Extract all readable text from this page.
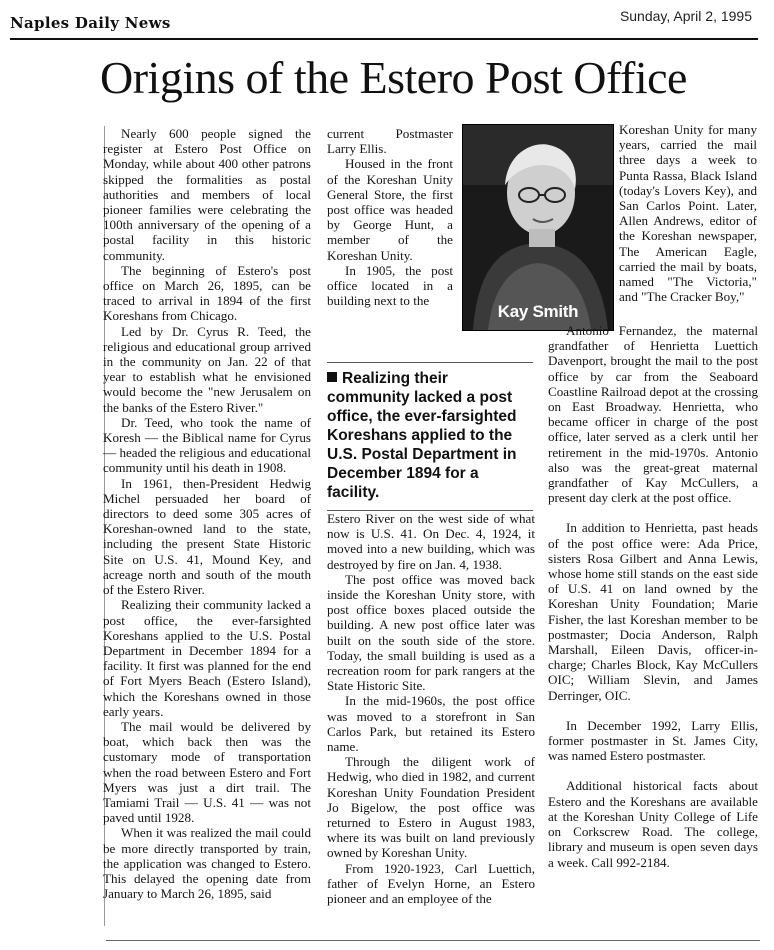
Naples Daily News	Sunday, April 2, 1995
Origins of the Estero Post Office

Nearly 600 people signed the register at Estero Post Office on Monday, while about 400 other patrons skipped the formalities as postal authorities and members of local pioneer families were celebrating the 100th anniversary of the opening of a postal facility in this historic community.

The beginning of Estero's post office on March 26, 1895, can be traced to arrival in 1894 of the first Koreshans from Chicago.

Led by Dr. Cyrus R. Teed, the religious and educational group arrived in the community on Jan. 22 of that year to establish what he envisioned would become the "new Jerusalem on the banks of the Estero River."

Dr. Teed, who took the name of Koresh — the Biblical name for Cyrus — headed the religious and educational community until his death in 1908.

In 1961, then-President Hedwig Michel persuaded her board of directors to deed some 305 acres of Koreshan-owned land to the state, including the present State Historic Site on U.S. 41, Mound Key, and acreage north and south of the mouth of the Estero River.

Realizing their community lacked a post office, the ever-farsighted Koreshans applied to the U.S. Postal Department in December 1894 for a facility. It first was planned for the end of Fort Myers Beach (Estero Island), which the Koreshans owned in those early years.

The mail would be delivered by boat, which back then was the customary mode of transportation when the road between Estero and Fort Myers was just a dirt trail. The Tamiami Trail — U.S. 41 — was not paved until 1928.

When it was realized the mail could be more directly transported by train, the application was changed to Estero. This delayed the opening date from January to March 26, 1895, said

current Postmaster Larry Ellis.

Housed in the front of the Koreshan Unity General Store, the first post office was headed by George Hunt, a member of the Koreshan Unity.

In 1905, the post office located in a building next to the

Kay Smith

Koreshan Unity for many years, carried the mail three days a week to Punta Rassa, Black Island (today's Lovers Key), and San Carlos Point. Later, Allen Andrews, editor of the Koreshan newspaper, The American Eagle, carried the mail by boats, named "The Victoria," and "The Cracker Boy,"

Realizing their community lacked a post office, the ever-farsighted Koreshans applied to the U.S. Postal Department in December 1894 for a facility.

Estero River on the west side of what now is U.S. 41. On Dec. 4, 1924, it moved into a new building, which was destroyed by fire on Jan. 4, 1938.

The post office was moved back inside the Koreshan Unity store, with post office boxes placed outside the building. A new post office later was built on the south side of the store. Today, the small building is used as a recreation room for park rangers at the State Historic Site.

In the mid-1960s, the post office was moved to a storefront in San Carlos Park, but retained its Estero name.

Through the diligent work of Hedwig, who died in 1982, and current Koreshan Unity Foundation President Jo Bigelow, the post office was returned to Estero in August 1983, where its was built on land previously owned by Koreshan Unity.

From 1920-1923, Carl Luettich, father of Evelyn Horne, an Estero pioneer and an employee of the

Antonio Fernandez, the maternal grandfather of Henrietta Luettich Davenport, brought the mail to the post office by car from the Seaboard Coastline Railroad depot at the crossing on East Broadway. Henrietta, who became officer in charge of the post office, later served as a clerk until her retirement in the mid-1970s. Antonio also was the great-great maternal grandfather of Kay McCullers, a present day clerk at the post office.

In addition to Henrietta, past heads of the post office were: Ada Price, sisters Rosa Gilbert and Anna Lewis, whose home still stands on the east side of U.S. 41 on land owned by the Koreshan Unity Foundation; Marie Fisher, the last Koreshan member to be postmaster; Docia Anderson, Ralph Marshall, Eileen Davis, officer-in-charge; Charles Block, Kay McCullers OIC; William Slevin, and James Derringer, OIC.

In December 1992, Larry Ellis, former postmaster in St. James City, was named Estero postmaster.

Additional historical facts about Estero and the Koreshans are available at the Koreshan Unity College of Life on Corkscrew Road. The college, library and museum is open seven days a week. Call 992-2184.
